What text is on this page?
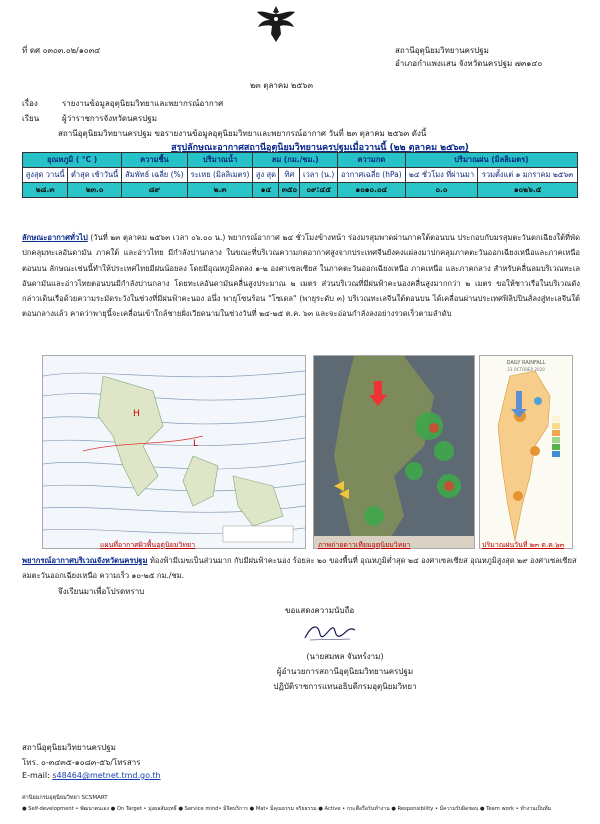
ที่ ดศ ๐๓๐๓.๐๒/๑๐๓๔	สถานีอุตุนิยมวิทยานครปฐม
อำเภอกำแพงแสน จังหวัดนครปฐม ๗๓๑๔๐
๒๓ ตุลาคม ๒๕๖๓
เรื่อง	รายงานข้อมูลอุตุนิยมวิทยาและพยากรณ์อากาศ
เรียน	ผู้ว่าราชการจังหวัดนครปฐม
สถานีอุตุนิยมวิทยานครปฐม ขอรายงานข้อมูลอุตุนิยมวิทยาและพยากรณ์อากาศ วันที่ ๒๓ ตุลาคม ๒๕๖๓ ดังนี้
สรุปลักษณะอากาศสถานีอุตุนิยมวิทยานครปฐมเมื่อวานนี้ (๒๒ ตุลาคม ๒๕๖๓)
อุณหภูมิ ( °C )		ความชื้น	ปริมาณน้ำ	ลม (กม./ชม.)			ความกด	ปริมาณฝน (มิลลิเมตร)	
สูงสุด วานนี้	ต่ำสุด เช้าวันนี้	สัมพัทธ์ เฉลี่ย (%)	ระเหย (มิลลิเมตร)	สูง สุด	ทิศ	เวลา (น.)	อากาศเฉลี่ย (hPa)	๒๔ ชั่วโมง ที่ผ่านมา	รวมตั้งแต่ ๑ มกราคม ๒๕๖๓
๒๘.๓	๒๓.๐	๘๙	๒.๓	๑๔	๓๕๐	๐๙:๔๕	๑๐๑๐.๐๔	๐.๐	๑๐๒๖.๕
ลักษณะอากาศทั่วไป (วันที่ ๒๓ ตุลาคม ๒๕๖๓ เวลา ๐๖.๐๐ น.) พยากรณ์อากาศ ๒๔ ชั่วโมงข้างหน้า ร่องมรสุมพาดผ่านภาคใต้ตอนบน ประกอบกับมรสุมตะวันตกเฉียงใต้ที่พัดปกคลุมทะเลอันดามัน ภาคใต้ และอ่าวไทย มีกำลังปานกลาง ในขณะที่บริเวณความกดอากาศสูงจากประเทศจีนยังคงแผ่ลงมาปกคลุมภาคตะวันออกเฉียงเหนือและภาคเหนือตอนบน ลักษณะเช่นนี้ทำให้ประเทศไทยมีฝนน้อยลง โดยมีอุณหภูมิลดลง ๑-๒ องศาเซลเซียส ในภาคตะวันออกเฉียงเหนือ ภาคเหนือ และภาคกลาง สำหรับคลื่นลมบริเวณทะเลอันดามันและอ่าวไทยตอนบนมีกำลังปานกลาง โดยทะเลอันดามันคลื่นสูงประมาณ ๒ เมตร ส่วนบริเวณที่มีฝนฟ้าคะนองคลื่นสูงมากกว่า ๒ เมตร ขอให้ชาวเรือในบริเวณดังกล่าวเดินเรือด้วยความระมัดระวังในช่วงที่มีฝนฟ้าคะนอง อนึ่ง พายุโซนร้อน "โซเดล" (พายุระดับ ๓) บริเวณทะเลจีนใต้ตอนบน ได้เคลื่อนผ่านประเทศฟิลิปปินส์ลงสู่ทะเลจีนใต้ตอนกลางแล้ว คาดว่าพายุนี้จะเคลื่อนเข้าใกล้ชายฝั่งเวียดนามในช่วงวันที่ ๒๔-๒๕ ต.ค. ๖๓ และจะอ่อนกำลังลงอย่างรวดเร็วตามลำดับ
H
L
DAILY RAINFALL
23 OCTOBER 2020
แผนที่อากาศผิวพื้นอุตุนิยมวิทยา	ภาพถ่ายดาวเทียมอุตุนิยมวิทยา	ปริมาณฝนวันที่ ๒๓ ต.ค.๖๓
พยากรณ์อากาศบริเวณจังหวัดนครปฐม ท้องฟ้ามีเมฆเป็นส่วนมาก กับมีฝนฟ้าคะนอง ร้อยละ ๒๐ ของพื้นที่ อุณหภูมิต่ำสุด ๒๔ องศาเซลเซียส อุณหภูมิสูงสุด ๒๙ องศาเซลเซียส ลมตะวันออกเฉียงเหนือ ความเร็ว ๑๐-๒๕ กม./ชม.
จึงเรียนมาเพื่อโปรดทราบ
ขอแสดงความนับถือ
(นายสมพล จันทร์งาม)
ผู้อำนวยการสถานีอุตุนิยมวิทยานครปฐม
ปฏิบัติราชการแทนอธิบดีกรมอุตุนิยมวิทยา
สถานีอุตุนิยมวิทยานครปฐม
โทร. ๐-๓๔๓๕-๑๐๘๓-๕๖/โทรสาร
E-mail: s48464@metnet.tmd.go.th
ค่านิยมกรมอุตุนิยมวิทยา SCSMART
● Self-development • พัฒนาตนเอง ● On Target • มุ่งผลสัมฤทธิ์ ● Service mind• มีจิตบริการ ● Mat• มีคุณธรรม จริยธรรม ● Active • กระตือรือร้นทำงาน ● Responsibility • มีความรับผิดชอบ ● Team work • ทำงานเป็นทีม
